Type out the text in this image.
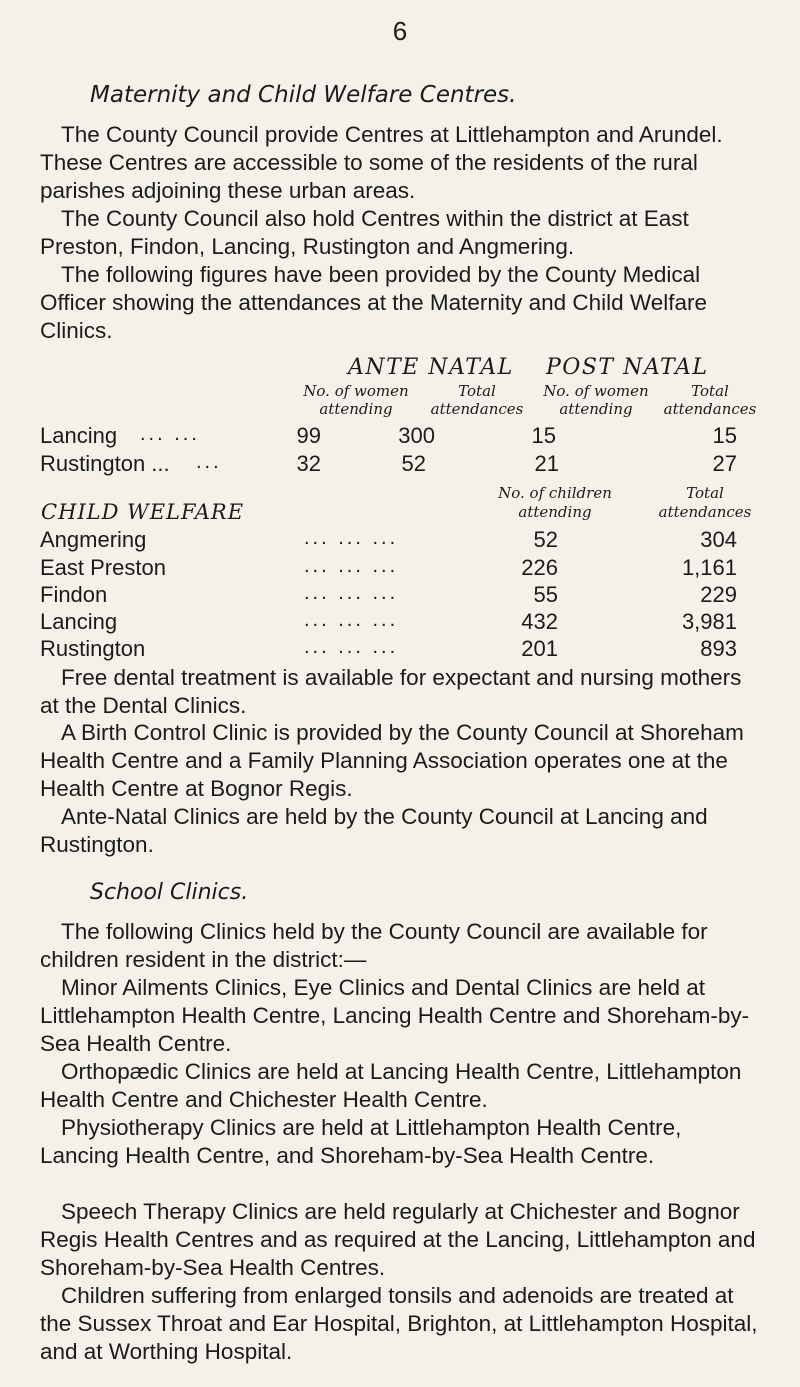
6
Maternity and Child Welfare Centres.

The County Council provide Centres at Littlehampton and Arundel. These Centres are accessible to some of the residents of the rural parishes adjoining these urban areas.

The County Council also hold Centres within the district at East Preston, Findon, Lancing, Rustington and Angmering.

The following figures have been provided by the County Medical Officer showing the attendances at the Maternity and Child Welfare Clinics.

ANTE NATAL POST NATAL
No. of women
attending
Total
attendances
No. of women
attending
Total
attendances
Lancing ... ...	99	300	15	15
Rustington ... ...	32	52	21	27
CHILD WELFARE
No. of children
attending
Total
attendances
Angmering	... ... ...	52	304
East Preston	... ... ...	226	1,161
Findon	... ... ...	55	229
Lancing	... ... ...	432	3,981
Rustington	... ... ...	201	893

Free dental treatment is available for expectant and nursing mothers at the Dental Clinics.

A Birth Control Clinic is provided by the County Council at Shoreham Health Centre and a Family Planning Association operates one at the Health Centre at Bognor Regis.

Ante-Natal Clinics are held by the County Council at Lancing and Rustington.

School Clinics.

The following Clinics held by the County Council are available for children resident in the district:—

Minor Ailments Clinics, Eye Clinics and Dental Clinics are held at Littlehampton Health Centre, Lancing Health Centre and Shoreham-by-Sea Health Centre.

Orthopædic Clinics are held at Lancing Health Centre, Littlehampton Health Centre and Chichester Health Centre.

Physiotherapy Clinics are held at Littlehampton Health Centre, Lancing Health Centre, and Shoreham-by-Sea Health Centre.

Speech Therapy Clinics are held regularly at Chichester and Bognor Regis Health Centres and as required at the Lancing, Littlehampton and Shoreham-by-Sea Health Centres.

Children suffering from enlarged tonsils and adenoids are treated at the Sussex Throat and Ear Hospital, Brighton, at Littlehampton Hospital, and at Worthing Hospital.
